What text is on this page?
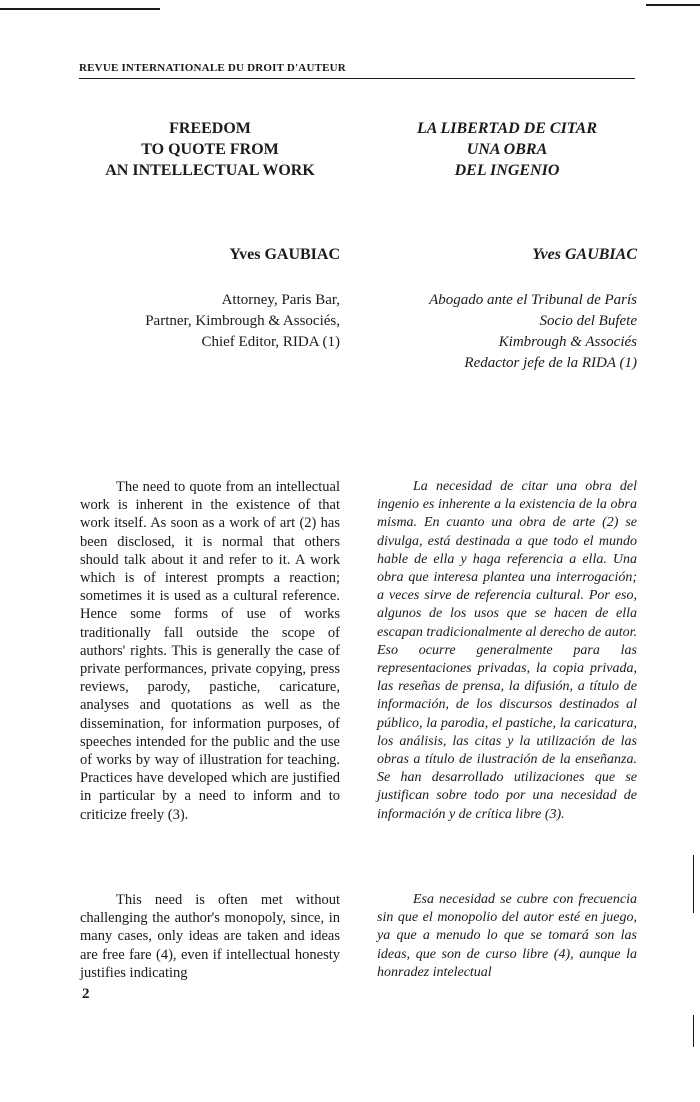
REVUE INTERNATIONALE DU DROIT D'AUTEUR
FREEDOM
TO QUOTE FROM
AN INTELLECTUAL WORK
Yves GAUBIAC
Attorney, Paris Bar,
Partner, Kimbrough & Associés,
Chief Editor, RIDA (1)
The need to quote from an intellectual work is inherent in the existence of that work itself. As soon as a work of art (2) has been disclosed, it is normal that others should talk about it and refer to it. A work which is of interest prompts a reaction; sometimes it is used as a cultural reference. Hence some forms of use of works traditionally fall outside the scope of authors' rights. This is generally the case of private performances, private copying, press reviews, parody, pastiche, caricature, analyses and quotations as well as the dissemination, for information purposes, of speeches intended for the public and the use of works by way of illustration for teaching. Practices have developed which are justified in particular by a need to inform and to criticize freely (3).
This need is often met without challenging the author's monopoly, since, in many cases, only ideas are taken and ideas are free fare (4), even if intellectual honesty justifies indicating
LA LIBERTAD DE CITAR
UNA OBRA
DEL INGENIO
Yves GAUBIAC
Abogado ante el Tribunal de París
Socio del Bufete
Kimbrough & Associés
Redactor jefe de la RIDA (1)
La necesidad de citar una obra del ingenio es inherente a la existencia de la obra misma. En cuanto una obra de arte (2) se divulga, está destinada a que todo el mundo hable de ella y haga referencia a ella. Una obra que interesa plantea una interrogación; a veces sirve de referencia cultural. Por eso, algunos de los usos que se hacen de ella escapan tradicionalmente al derecho de autor. Eso ocurre generalmente para las representaciones privadas, la copia privada, las reseñas de prensa, la difusión, a título de información, de los discursos destinados al público, la parodia, el pastiche, la caricatura, los análisis, las citas y la utilización de las obras a título de ilustración de la enseñanza. Se han desarrollado utilizaciones que se justifican sobre todo por una necesidad de información y de crítica libre (3).
Esa necesidad se cubre con frecuencia sin que el monopolio del autor esté en juego, ya que a menudo lo que se tomará son las ideas, que son de curso libre (4), aunque la honradez intelectual
2
